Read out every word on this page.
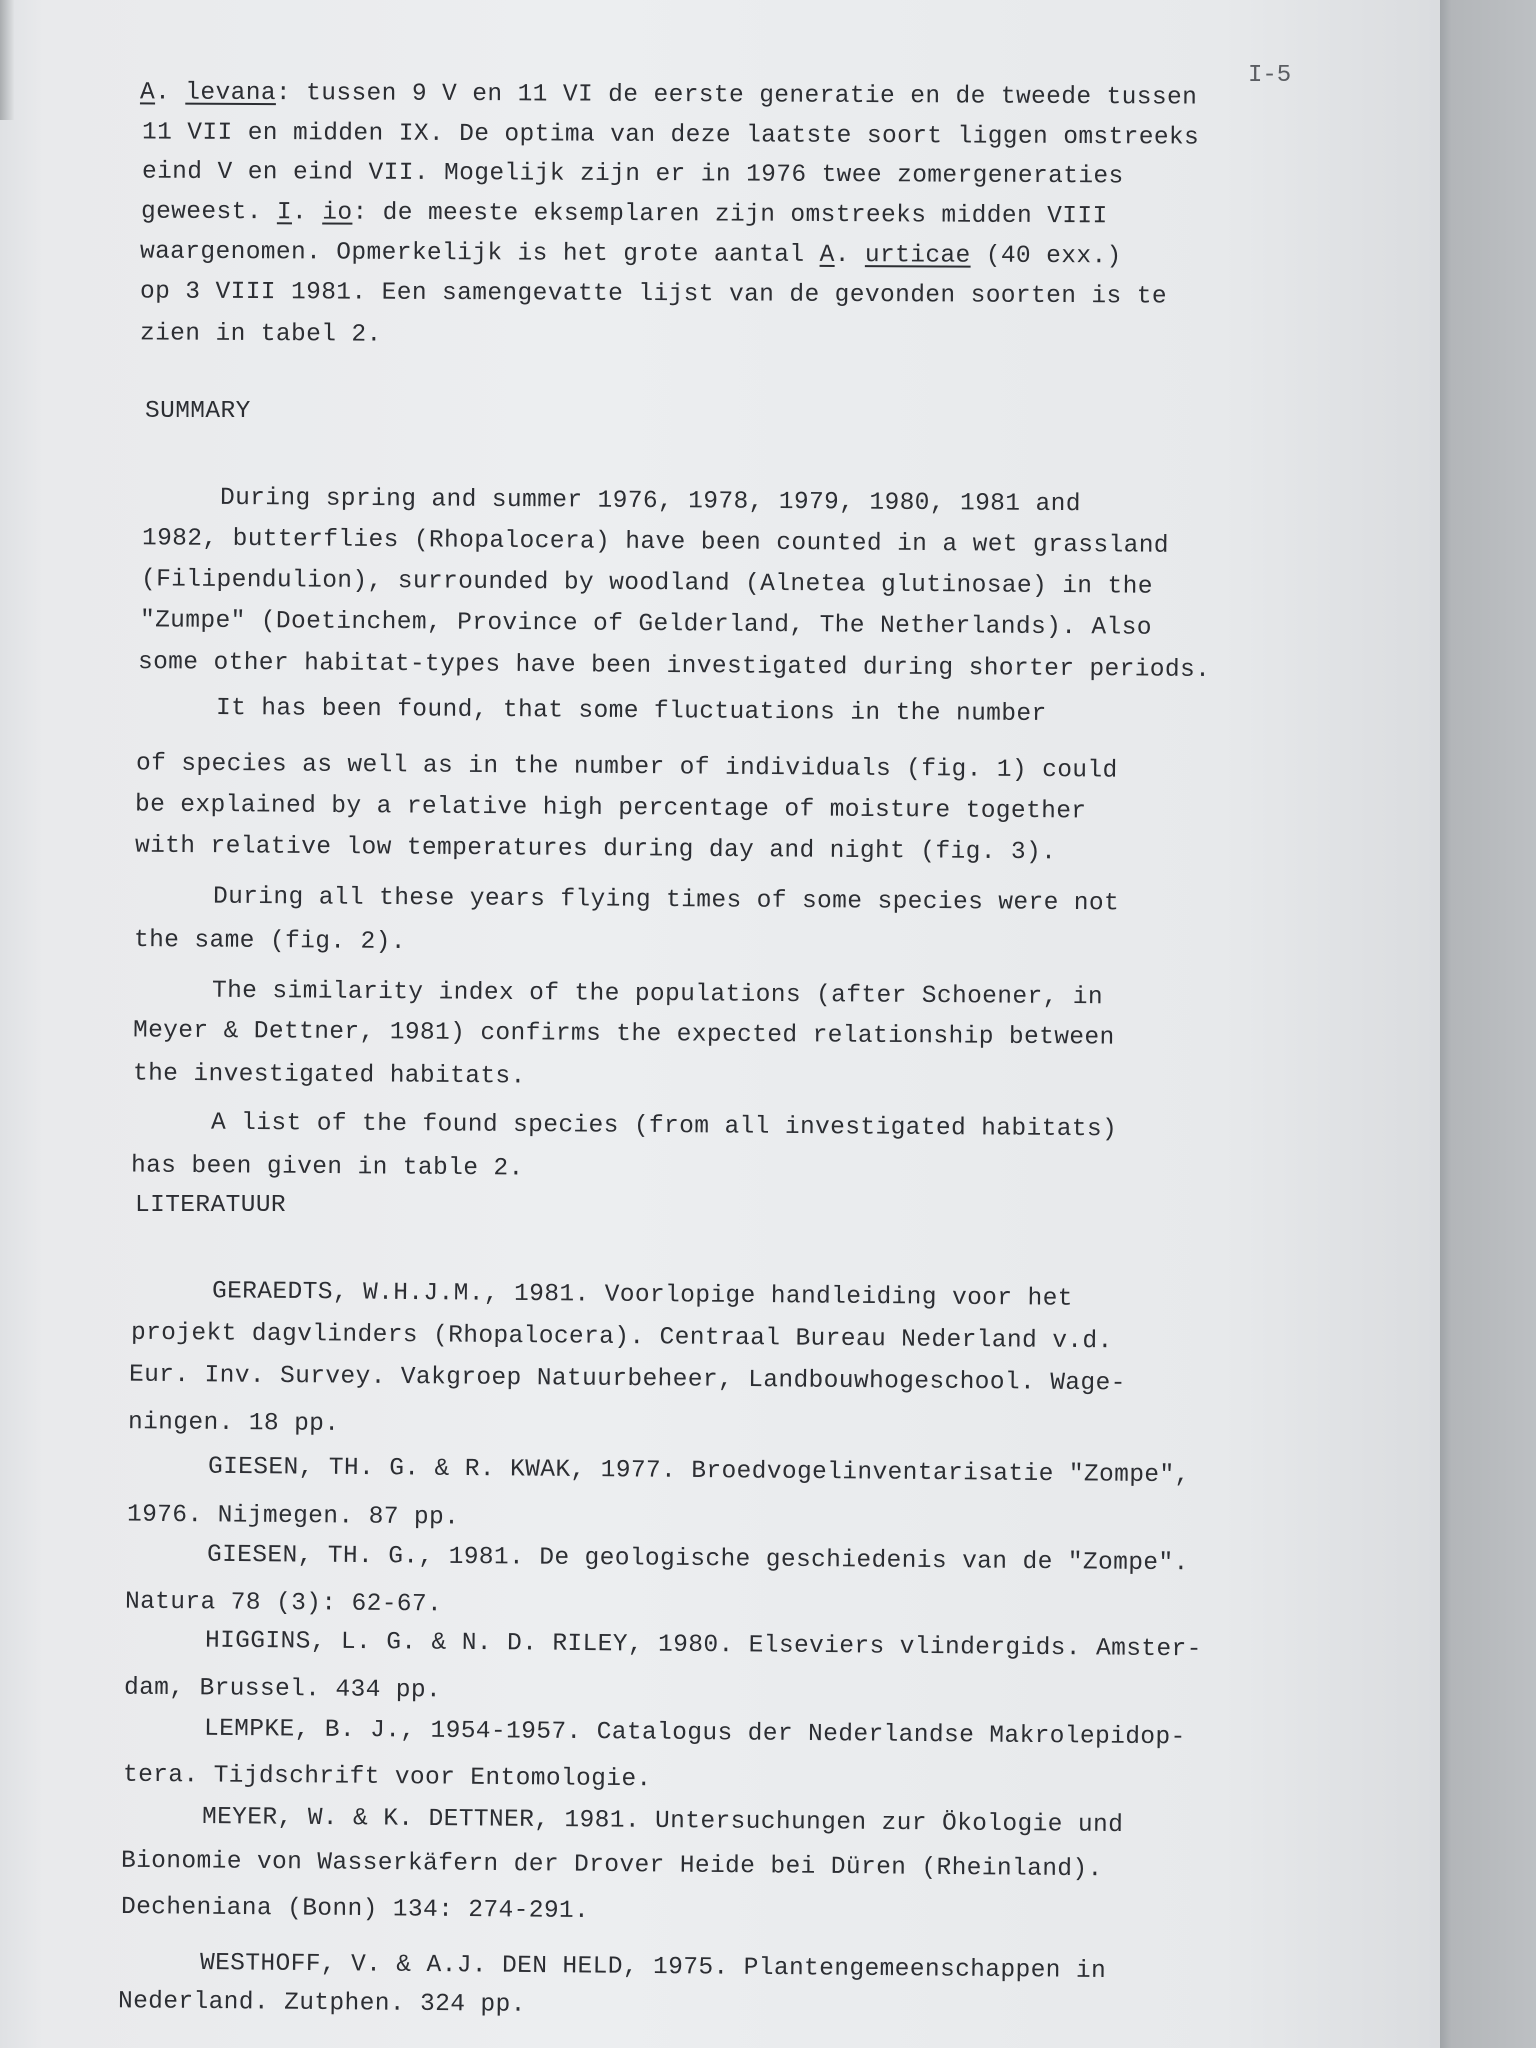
I-5
A. levana: tussen 9 V en 11 VI de eerste generatie en de tweede tussen
11 VII en midden IX. De optima van deze laatste soort liggen omstreeks
eind V en eind VII. Mogelijk zijn er in 1976 twee zomergeneraties
geweest. I. io: de meeste eksemplaren zijn omstreeks midden VIII
waargenomen. Opmerkelijk is het grote aantal A. urticae (40 exx.)
op 3 VIII 1981. Een samengevatte lijst van de gevonden soorten is te
zien in tabel 2.
SUMMARY
During spring and summer 1976, 1978, 1979, 1980, 1981 and
1982, butterflies (Rhopalocera) have been counted in a wet grassland
(Filipendulion), surrounded by woodland (Alnetea glutinosae) in the
"Zumpe" (Doetinchem, Province of Gelderland, The Netherlands). Also
some other habitat-types have been investigated during shorter periods.
It has been found, that some fluctuations in the number
of species as well as in the number of individuals (fig. 1) could
be explained by a relative high percentage of moisture together
with relative low temperatures during day and night (fig. 3).
During all these years flying times of some species were not
the same (fig. 2).
The similarity index of the populations (after Schoener, in
Meyer & Dettner, 1981) confirms the expected relationship between
the investigated habitats.
A list of the found species (from all investigated habitats)
has been given in table 2.
LITERATUUR
GERAEDTS, W.H.J.M., 1981. Voorlopige handleiding voor het
projekt dagvlinders (Rhopalocera). Centraal Bureau Nederland v.d.
Eur. Inv. Survey. Vakgroep Natuurbeheer, Landbouwhogeschool. Wage-
ningen. 18 pp.
GIESEN, TH. G. & R. KWAK, 1977. Broedvogelinventarisatie "Zompe",
1976. Nijmegen. 87 pp.
GIESEN, TH. G., 1981. De geologische geschiedenis van de "Zompe".
Natura 78 (3): 62-67.
HIGGINS, L. G. & N. D. RILEY, 1980. Elseviers vlindergids. Amster-
dam, Brussel. 434 pp.
LEMPKE, B. J., 1954-1957. Catalogus der Nederlandse Makrolepidop-
tera. Tijdschrift voor Entomologie.
MEYER, W. & K. DETTNER, 1981. Untersuchungen zur Ökologie und
Bionomie von Wasserkäfern der Drover Heide bei Düren (Rheinland).
Decheniana (Bonn) 134: 274-291.
WESTHOFF, V. & A.J. DEN HELD, 1975. Plantengemeenschappen in
Nederland. Zutphen. 324 pp.
